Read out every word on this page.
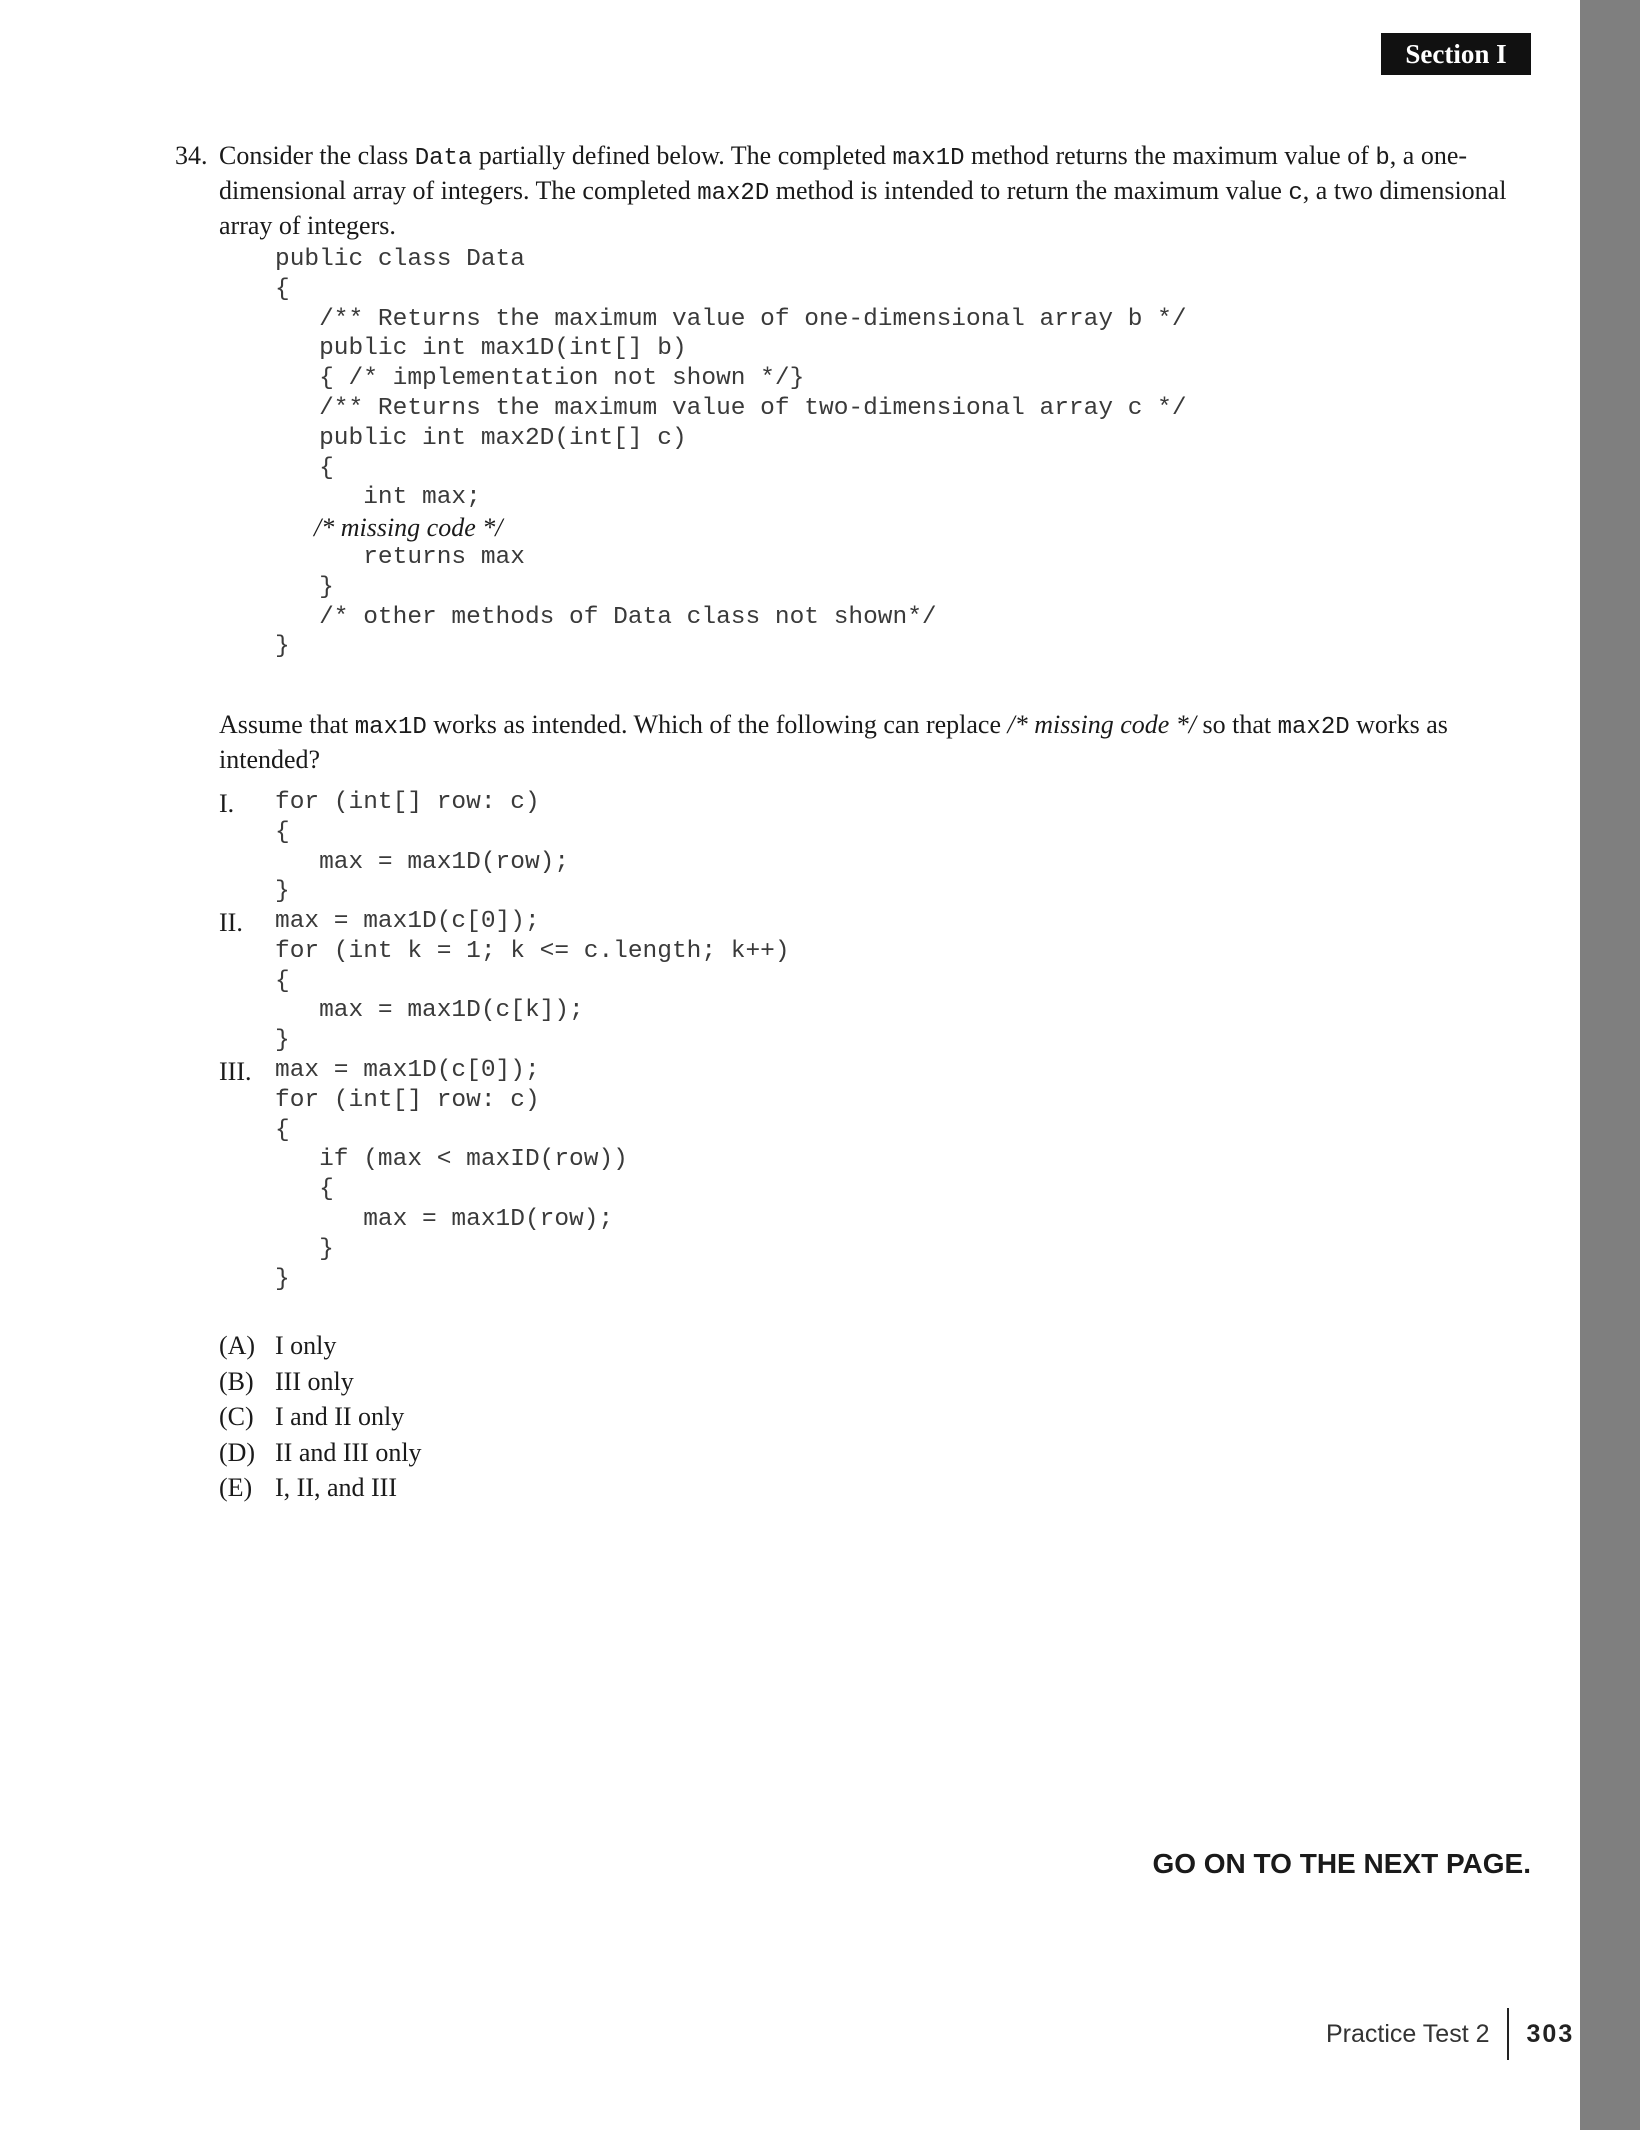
Section I
34. Consider the class Data partially defined below. The completed max1D method returns the maximum value of b, a one-dimensional array of integers. The completed max2D method is intended to return the maximum value c, a two dimensional array of integers.
public class Data
{
/** Returns the maximum value of one-dimensional array b */
public int max1D(int[] b)
{ /* implementation not shown */}
/** Returns the maximum value of two-dimensional array c */
public int max2D(int[] c)
{
int max;
/* missing code */
returns max
}
/* other methods of Data class not shown*/
}
Assume that max1D works as intended. Which of the following can replace /* missing code */ so that max2D works as intended?
I. for (int[] row: c)
{
max = max1D(row);
}
II. max = max1D(c[0]);
for (int k = 1; k <= c.length; k++)
{
max = max1D(c[k]);
}
III. max = max1D(c[0]);
for (int[] row: c)
{
if (max < maxID(row))
{
max = max1D(row);
}
}
(A) I only
(B) III only
(C) I and II only
(D) II and III only
(E) I, II, and III
GO ON TO THE NEXT PAGE.
Practice Test 2 303
